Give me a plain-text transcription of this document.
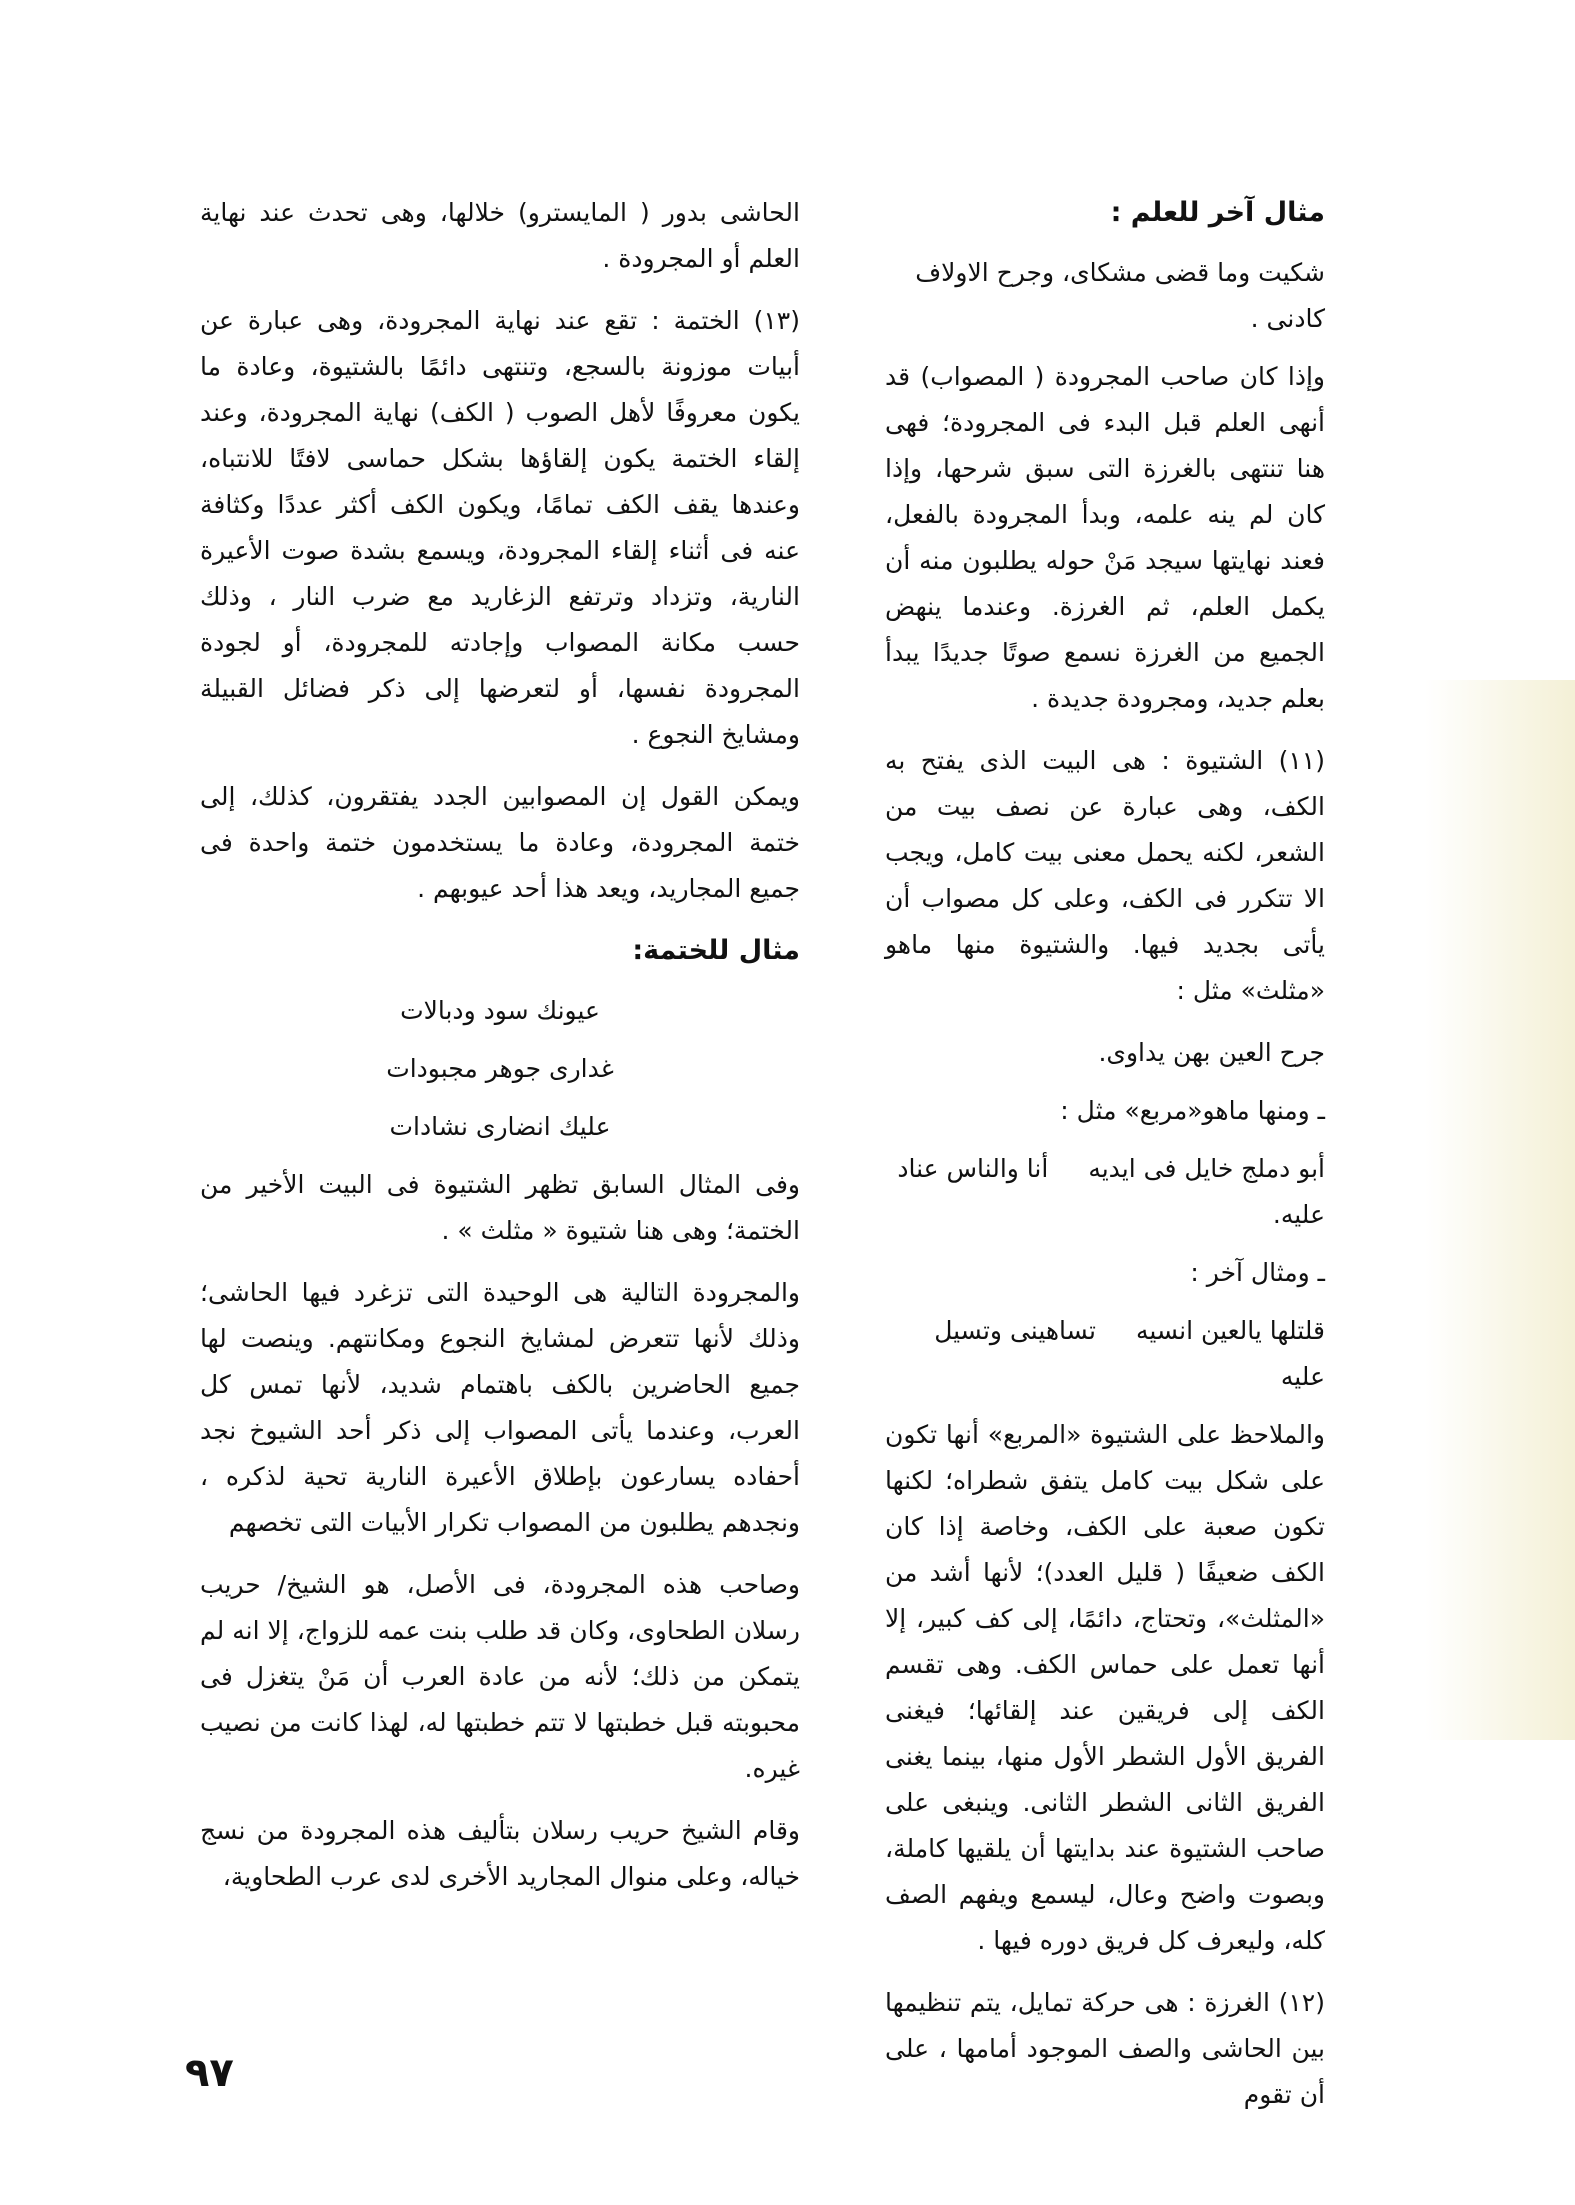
مثال آخر للعلم :
شكيت وما قضى مشكاى، وجرح الاولاف كادنى .

وإذا كان صاحب المجرودة ( المصواب) قد أنهى العلم قبل البدء فى المجرودة؛ فهى هنا تنتهى بالغرزة التى سبق شرحها، وإذا كان لم ينه علمه، وبدأ المجرودة بالفعل، فعند نهايتها سيجد مَنْ حوله يطلبون منه أن يكمل العلم، ثم الغرزة. وعندما ينهض الجميع من الغرزة نسمع صوتًا جديدًا يبدأ بعلم جديد، ومجرودة جديدة .

(١١) الشتيوة : هى البيت الذى يفتح به الكف، وهى عبارة عن نصف بيت من الشعر، لكنه يحمل معنى بيت كامل، ويجب الا تتكرر فى الكف، وعلى كل مصواب أن يأتى بجديد فيها. والشتيوة منها ماهو «مثلث» مثل :

جرح العين بهن يداوى.
ـ ومنها ماهو«مربع» مثل :
أبو دملج خايل فى ايديهأنا والناس عناد عليه.
ـ ومثال آخر :
قلتلها يالعين انسيهتساهينى وتسيل عليه

والملاحظ على الشتيوة «المربع» أنها تكون على شكل بيت كامل يتفق شطراه؛ لكنها تكون صعبة على الكف، وخاصة إذا كان الكف ضعيفًا ( قليل العدد)؛ لأنها أشد من «المثلث»، وتحتاج، دائمًا، إلى كف كبير، إلا أنها تعمل على حماس الكف. وهى تقسم الكف إلى فريقين عند إلقائها؛ فيغنى الفريق الأول الشطر الأول منها، بينما يغنى الفريق الثانى الشطر الثانى. وينبغى على صاحب الشتيوة عند بدايتها أن يلقيها كاملة، وبصوت واضح وعال، ليسمع ويفهم الصف كله، وليعرف كل فريق دوره فيها .

(١٢) الغرزة : هى حركة تمايل، يتم تنظيمها بين الحاشى والصف الموجود أمامها ، على أن تقوم

الحاشى بدور ( المايسترو) خلالها، وهى تحدث عند نهاية العلم أو المجرودة .

(١٣) الختمة : تقع عند نهاية المجرودة، وهى عبارة عن أبيات موزونة بالسجع، وتنتهى دائمًا بالشتيوة، وعادة ما يكون معروفًا لأهل الصوب ( الكف) نهاية المجرودة، وعند إلقاء الختمة يكون إلقاؤها بشكل حماسى لافتًا للانتباه، وعندها يقف الكف تمامًا، ويكون الكف أكثر عددًا وكثافة عنه فى أثناء إلقاء المجرودة، ويسمع بشدة صوت الأعيرة النارية، وتزداد وترتفع الزغاريد مع ضرب النار ، وذلك حسب مكانة المصواب وإجادته للمجرودة، أو لجودة المجرودة نفسها، أو لتعرضها إلى ذكر فضائل القبيلة ومشايخ النجوع .

ويمكن القول إن المصوابين الجدد يفتقرون، كذلك، إلى ختمة المجرودة، وعادة ما يستخدمون ختمة واحدة فى جميع المجاريد، ويعد هذا أحد عيوبهم .

مثال للختمة:
عيونك سود ودبالات
غدارى جوهر مجبودات
عليك انضارى نشادات

وفى المثال السابق تظهر الشتيوة فى البيت الأخير من الختمة؛ وهى هنا شتيوة « مثلث » .

والمجرودة التالية هى الوحيدة التى تزغرد فيها الحاشى؛ وذلك لأنها تتعرض لمشايخ النجوع ومكانتهم. وينصت لها جميع الحاضرين بالكف باهتمام شديد، لأنها تمس كل العرب، وعندما يأتى المصواب إلى ذكر أحد الشيوخ نجد أحفاده يسارعون بإطلاق الأعيرة النارية تحية لذكره ، ونجدهم يطلبون من المصواب تكرار الأبيات التى تخصهم

وصاحب هذه المجرودة، فى الأصل، هو الشيخ/ حريب رسلان الطحاوى، وكان قد طلب بنت عمه للزواج، إلا انه لم يتمكن من ذلك؛ لأنه من عادة العرب أن مَنْ يتغزل فى محبوبته قبل خطبتها لا تتم خطبتها له، لهذا كانت من نصيب غيره.

وقام الشيخ حريب رسلان بتأليف هذه المجرودة من نسج خياله، وعلى منوال المجاريد الأخرى لدى عرب الطحاوية،

٩٧
